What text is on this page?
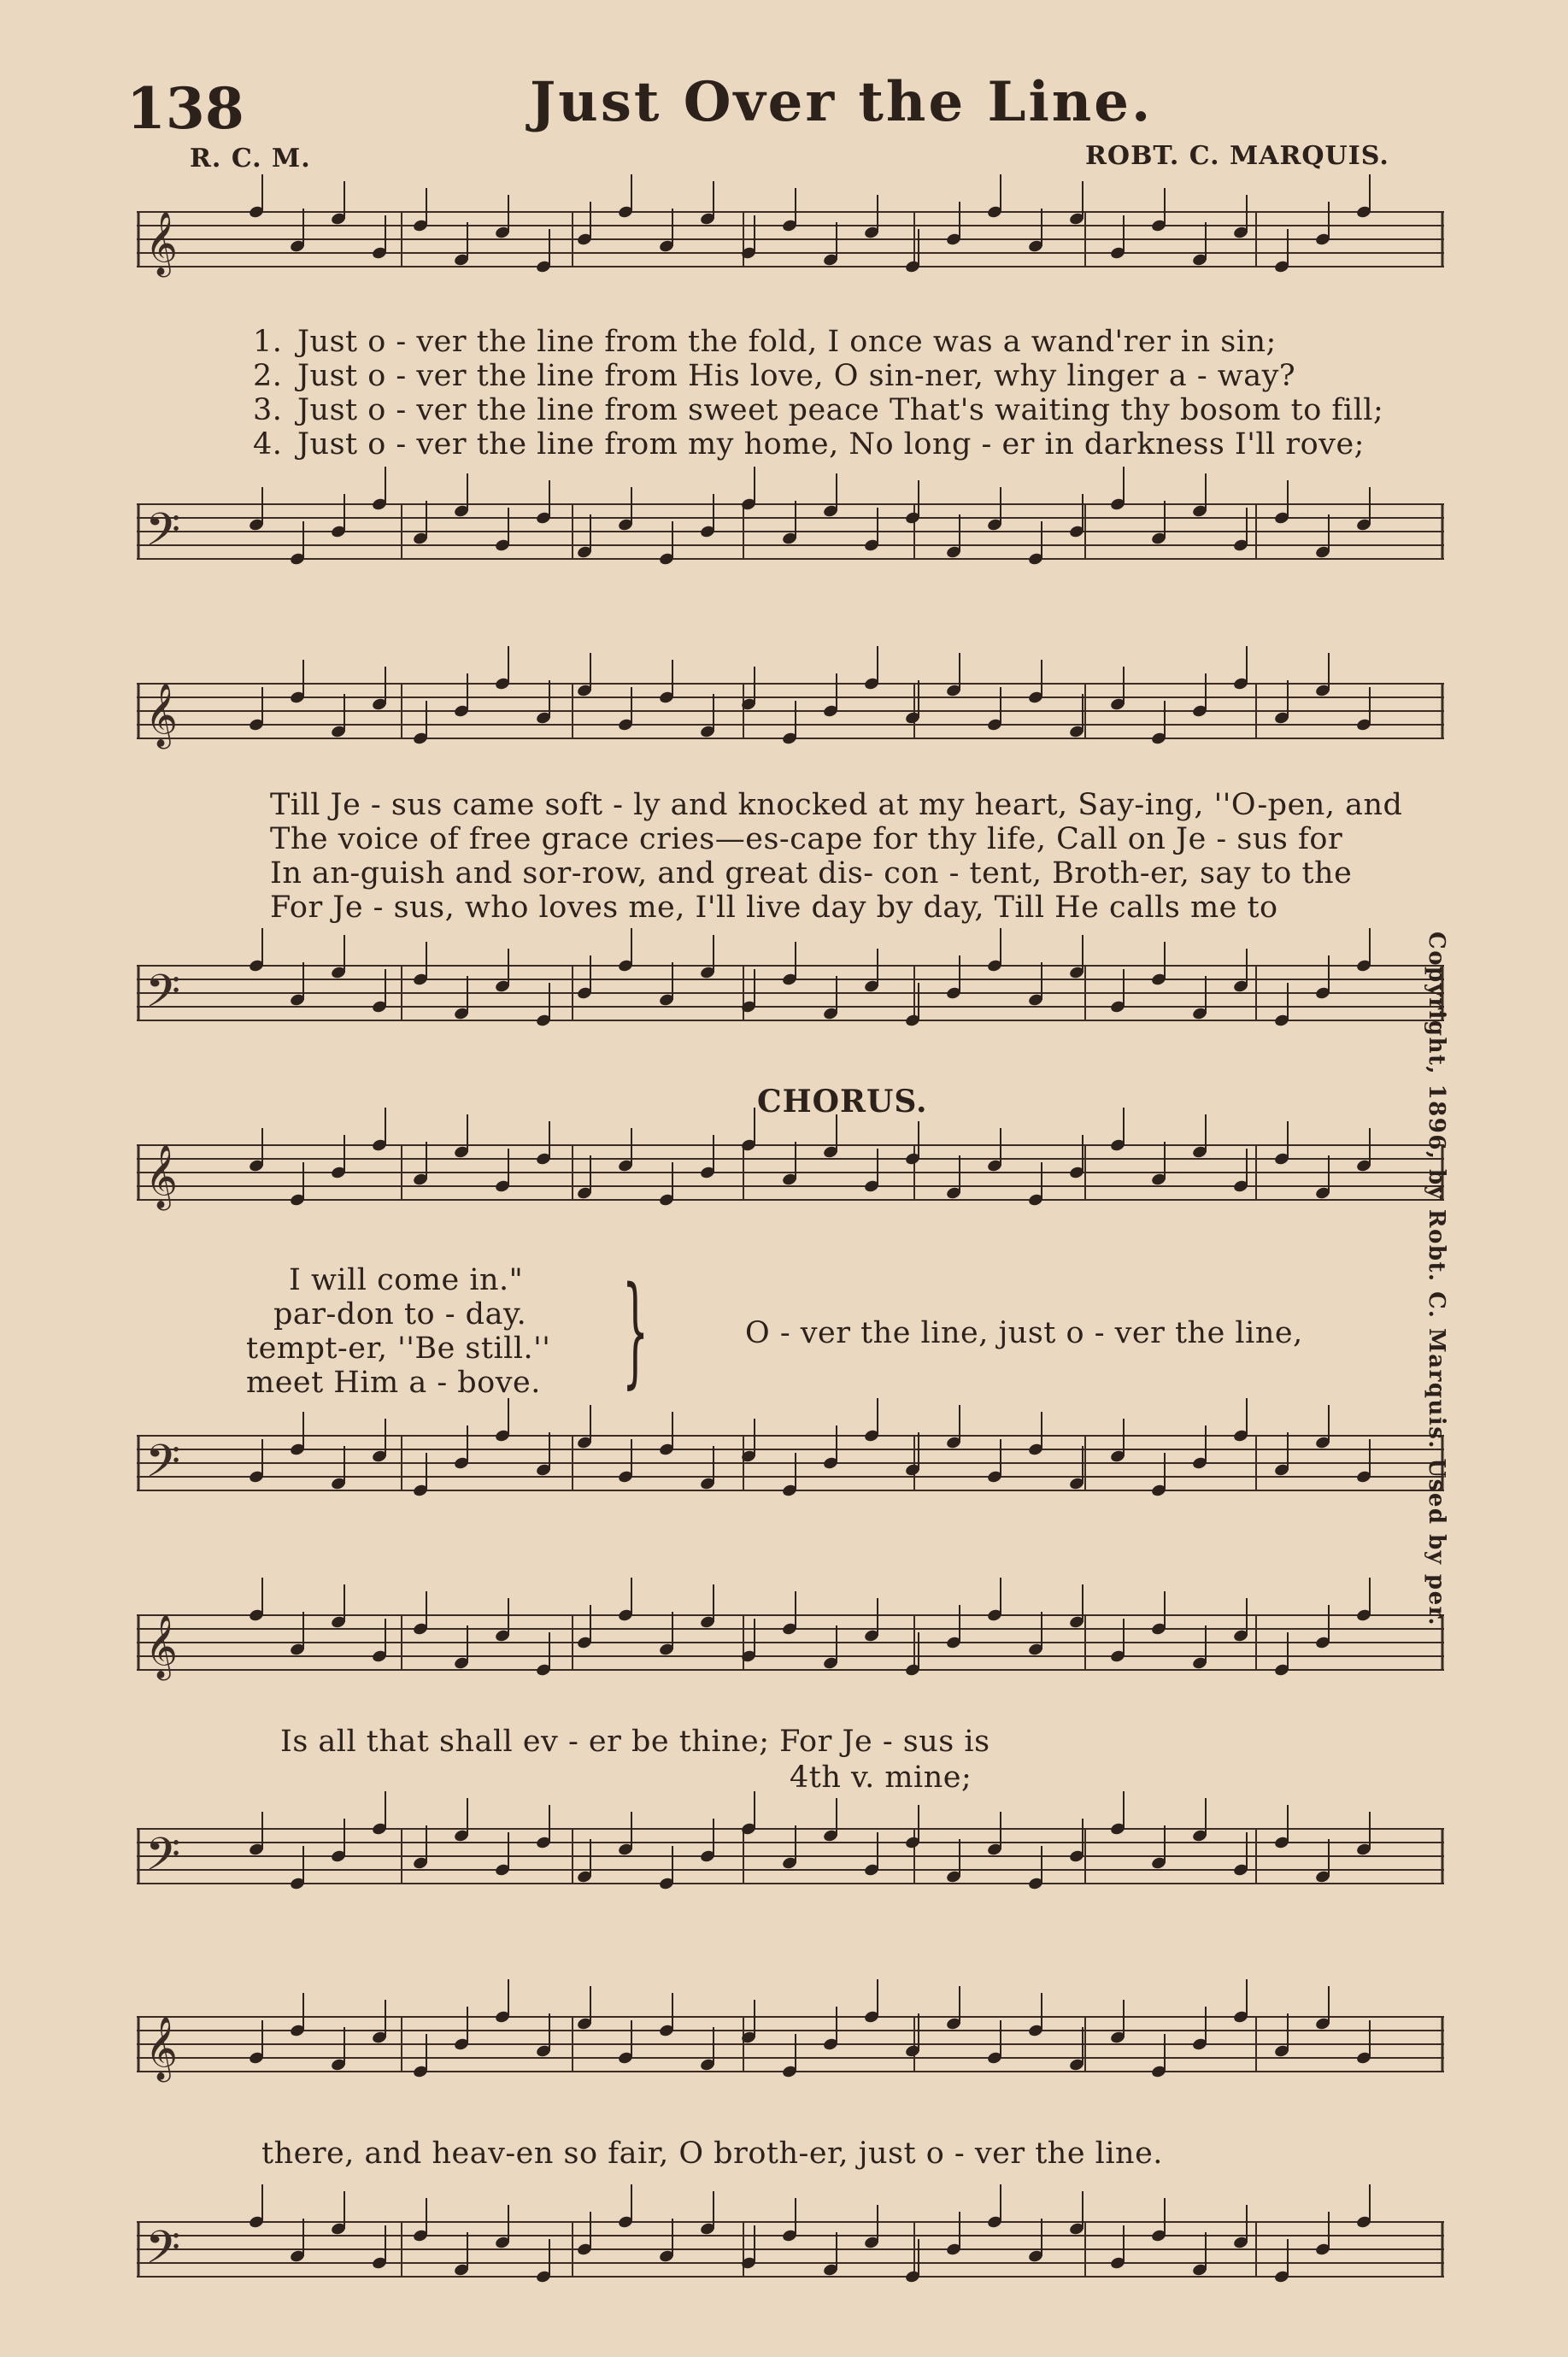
138	Just Over the Line.
R. C. M.	ROBT. C. MARQUIS.
𝄞
1. Just o - ver the line from the fold, I once was a wand'rer in sin;
2. Just o - ver the line from His love, O sin-ner, why linger a - way?
3. Just o - ver the line from sweet peace That's waiting thy bosom to fill;
4. Just o - ver the line from my home, No long - er in darkness I'll rove;
𝄢
𝄞
Till Je - sus came soft - ly and knocked at my heart, Say-ing, ''O-pen, and
The voice of free grace cries—es-cape for thy life, Call on Je - sus for
In an-guish and sor-row, and great dis- con - tent, Broth-er, say to the
For Je - sus, who loves me, I'll live day by day, Till He calls me to
𝄢
CHORUS.
𝄞
I will come in."
par-don to - day.
tempt-er, ''Be still.''
meet Him a - bove. }	O - ver the line, just o - ver the line,
𝄢
𝄞
Is all that shall ev - er be thine; For Je - sus is
4th v. mine;
𝄢
𝄞
there, and heav-en so fair, O broth-er, just o - ver the line.
𝄢
Copyright, 1896, by Robt. C. Marquis. Used by per.
